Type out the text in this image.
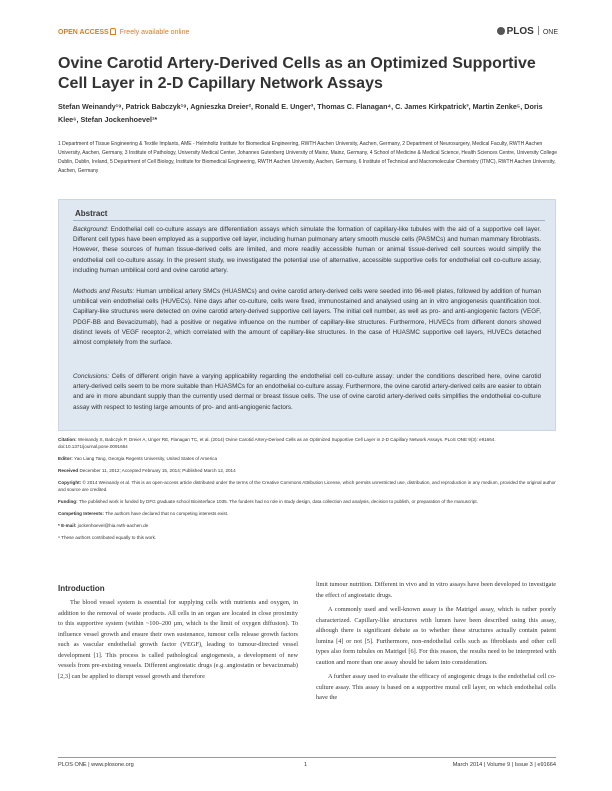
OPEN ACCESS Freely available online	PLOS ONE
Ovine Carotid Artery-Derived Cells as an Optimized Supportive Cell Layer in 2-D Capillary Network Assays
Stefan Weinandy¹⁹, Patrick Babczyk¹⁹, Agnieszka Dreier², Ronald E. Unger³, Thomas C. Flanagan⁴, C. James Kirkpatrick³, Martin Zenke⁵, Doris Klee⁶, Stefan Jockenhoevel¹*
1 Department of Tissue Engineering & Textile Implants, AME - Helmholtz Institute for Biomedical Engineering, RWTH Aachen University, Aachen, Germany, 2 Department of Neurosurgery, Medical Faculty, RWTH Aachen University, Aachen, Germany, 3 Institute of Pathology, University Medical Center, Johannes Gutenberg University of Mainz, Mainz, Germany, 4 School of Medicine & Medical Science, Health Sciences Centre, University College Dublin, Dublin, Ireland, 5 Department of Cell Biology, Institute for Biomedical Engineering, RWTH Aachen University, Aachen, Germany, 6 Institute of Technical and Macromolecular Chemistry (ITMC), RWTH Aachen University, Aachen, Germany
Abstract
Background: Endothelial cell co-culture assays are differentiation assays which simulate the formation of capillary-like tubules with the aid of a supportive cell layer. Different cell types have been employed as a supportive cell layer, including human pulmonary artery smooth muscle cells (PASMCs) and human mammary fibroblasts. However, these sources of human tissue-derived cells are limited, and more readily accessible human or animal tissue-derived cell sources would simplify the endothelial cell co-culture assay. In the present study, we investigated the potential use of alternative, accessible supportive cells for endothelial cell co-culture assay, including human umbilical cord and ovine carotid artery.
Methods and Results: Human umbilical artery SMCs (HUASMCs) and ovine carotid artery-derived cells were seeded into 96-well plates, followed by addition of human umbilical vein endothelial cells (HUVECs). Nine days after co-culture, cells were fixed, immunostained and analysed using an in vitro angiogenesis quantification tool. Capillary-like structures were detected on ovine carotid artery-derived supportive cell layers. The initial cell number, as well as pro- and anti-angiogenic factors (VEGF, PDGF-BB and Bevacizumab), had a positive or negative influence on the number of capillary-like structures. Furthermore, HUVECs from different donors showed distinct levels of VEGF receptor-2, which correlated with the amount of capillary-like structures. In the case of HUASMC supportive cell layers, HUVECs detached almost completely from the surface.
Conclusions: Cells of different origin have a varying applicability regarding the endothelial cell co-culture assay: under the conditions described here, ovine carotid artery-derived cells seem to be more suitable than HUASMCs for an endothelial co-culture assay. Furthermore, the ovine carotid artery-derived cells are easier to obtain and are in more abundant supply than the currently used dermal or breast tissue cells. The use of ovine carotid artery-derived cells simplifies the endothelial co-culture assay with respect to testing large amounts of pro- and anti-angiogenic factors.
Citation: Weinandy S, Babczyk P, Dreier A, Unger RE, Flanagan TC, et al. (2014) Ovine Carotid Artery-Derived Cells as an Optimized Supportive Cell Layer in 2-D Capillary Network Assays. PLoS ONE 9(3): e91664. doi:10.1371/journal.pone.0091664
Editor: Yao Liang Tang, Georgia Regents University, United States of America
Received December 11, 2012; Accepted February 15, 2014; Published March 12, 2014
Copyright: © 2014 Weinandy et al. This is an open-access article distributed under the terms of the Creative Commons Attribution License, which permits unrestricted use, distribution, and reproduction in any medium, provided the original author and source are credited.
Funding: The published work is funded by DFG graduate school Biointerface 1035. The funders had no role in study design, data collection and analysis, decision to publish, or preparation of the manuscript.
Competing Interests: The authors have declared that no competing interests exist.
* E-mail: jockenhoevel@hia.rwth-aachen.de
⁹ These authors contributed equally to this work.
Introduction

The blood vessel system is essential for supplying cells with nutrients and oxygen, in addition to the removal of waste products. All cells in an organ are located in close proximity to this supportive system (within ~100–200 µm, which is the limit of oxygen diffusion). To influence vessel growth and ensure their own sustenance, tumour cells release growth factors such as vascular endothelial growth factor (VEGF), leading to tumour-directed vessel development [1]. This process is called pathological angiogenesis, a development of new vessels from pre-existing vessels. Different angiostatic drugs (e.g. angiostatin or bevacizumab) [2,3] can be applied to disrupt vessel growth and therefore

limit tumour nutrition. Different in vivo and in vitro assays have been developed to investigate the effect of angiostatic drugs.

A commonly used and well-known assay is the Matrigel assay, which is rather poorly characterized. Capillary-like structures with lumen have been described using this assay, although there is significant debate as to whether these structures actually contain patent lumina [4] or not [5]. Furthermore, non-endothelial cells such as fibroblasts and other cell types also form tubules on Matrigel [6]. For this reason, the results need to be interpreted with caution and more than one assay should be taken into consideration.

A further assay used to evaluate the efficacy of angiogenic drugs is the endothelial cell co-culture assay. This assay is based on a supportive mural cell layer, on which endothelial cells have the

PLOS ONE | www.plosone.org	1	March 2014 | Volume 9 | Issue 3 | e91664
